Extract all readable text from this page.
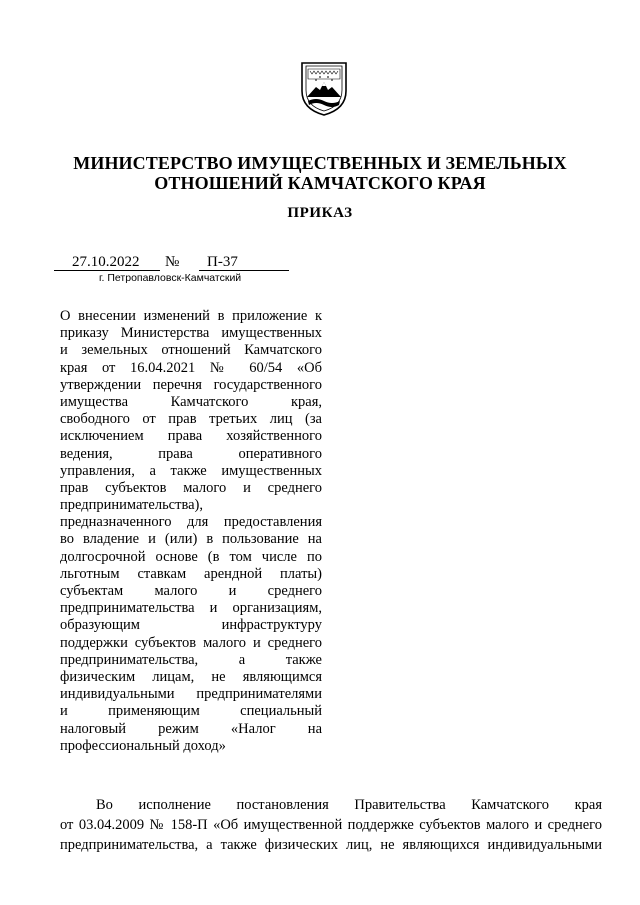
МИНИСТЕРСТВО ИМУЩЕСТВЕННЫХ И ЗЕМЕЛЬНЫХ
ОТНОШЕНИЙ КАМЧАТСКОГО КРАЯ
ПРИКАЗ
27.10.2022 № П-37
г. Петропавловск-Камчатский
О внесении изменений в приложение к
приказу Министерства имущественных
и земельных отношений Камчатского
края от 16.04.2021 № 60/54 «Об
утверждении перечня государственного
имущества Камчатского края,
свободного от прав третьих лиц (за
исключением права хозяйственного
ведения, права оперативного
управления, а также имущественных
прав субъектов малого и среднего
предпринимательства),
предназначенного для предоставления
во владение и (или) в пользование на
долгосрочной основе (в том числе по
льготным ставкам арендной платы)
субъектам малого и среднего
предпринимательства и организациям,
образующим инфраструктуру
поддержки субъектов малого и среднего
предпринимательства, а также
физическим лицам, не являющимся
индивидуальными предпринимателями
и применяющим специальный
налоговый режим «Налог на
профессиональный доход»
Во исполнение постановления Правительства Камчатского края
от 03.04.2009 № 158-П «Об имущественной поддержке субъектов малого и среднего
предпринимательства, а также физических лиц, не являющихся индивидуальными
